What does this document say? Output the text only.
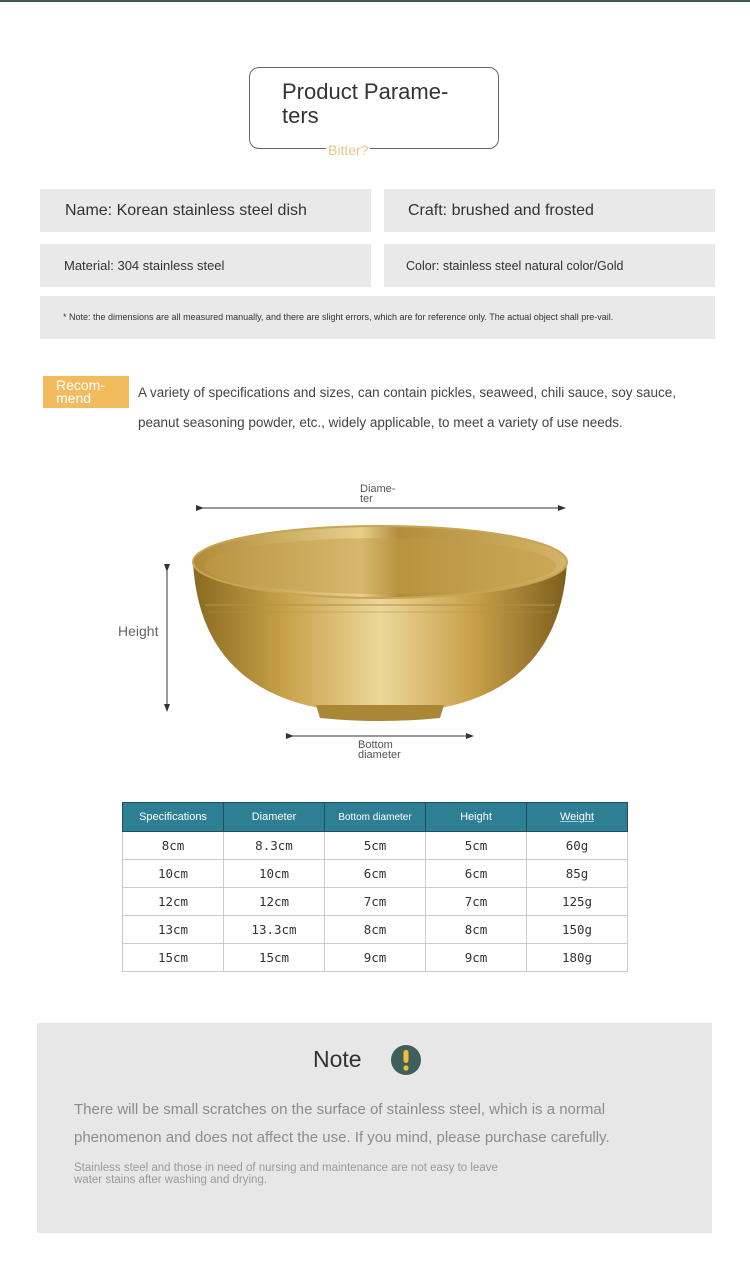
Product Parame-
ters
Bitter?
Name: Korean stainless steel dish	Craft: brushed and frosted
Material: 304 stainless steel	Color: stainless steel natural color/Gold
* Note: the dimensions are all measured manually, and there are slight errors, which are for reference only. The actual object shall pre-vail.
Recom-
mend	A variety of specifications and sizes, can contain pickles, seaweed, chili sauce, soy sauce, peanut seasoning powder, etc., widely applicable, to meet a variety of use needs.
Diame-
ter
Height
Bottom
diameter
Specifications	Diameter	Bottom diameter	Height	Weight
8cm	8.3cm	5cm	5cm	60g
10cm	10cm	6cm	6cm	85g
12cm	12cm	7cm	7cm	125g
13cm	13.3cm	8cm	8cm	150g
15cm	15cm	9cm	9cm	180g
Note
There will be small scratches on the surface of stainless steel, which is a normal phenomenon and does not affect the use. If you mind, please purchase carefully.
Stainless steel and those in need of nursing and maintenance are not easy to leave water stains after washing and drying.
